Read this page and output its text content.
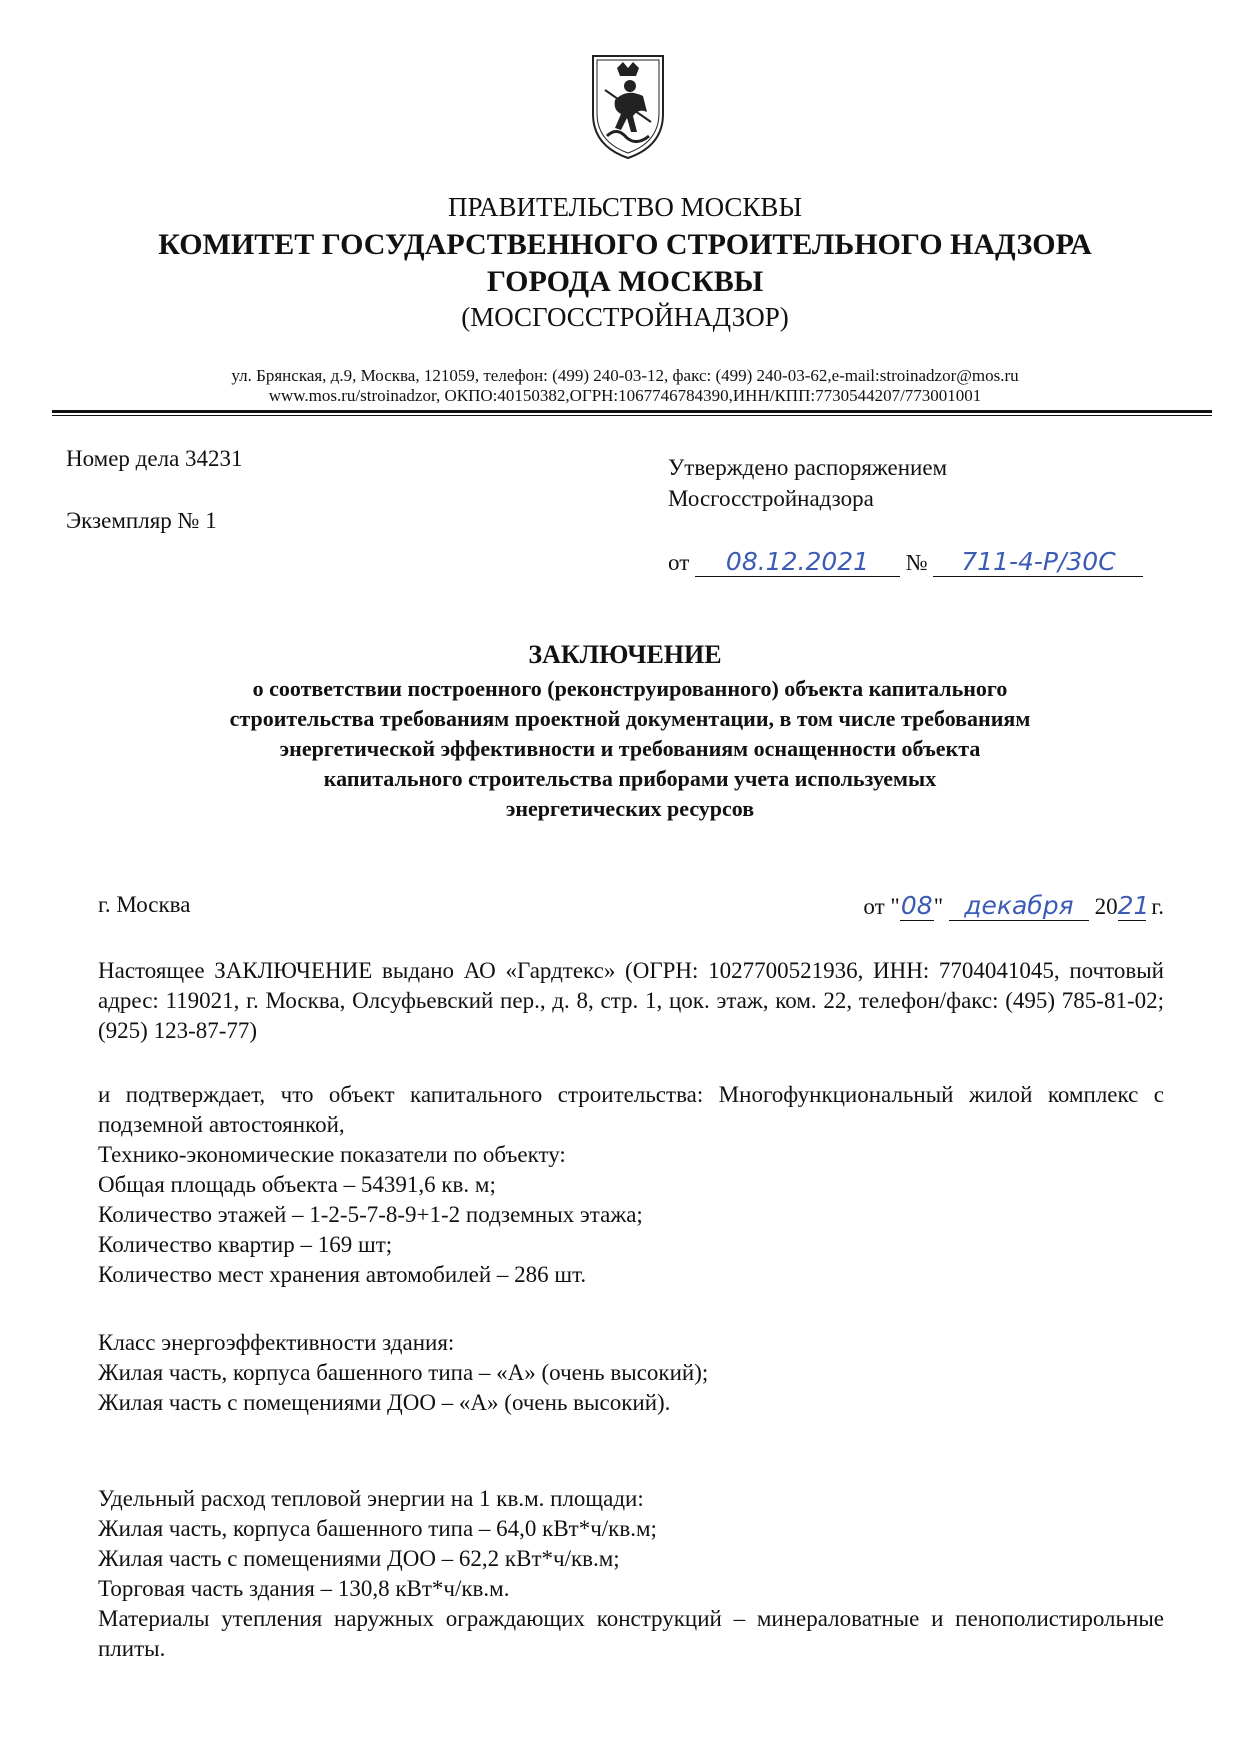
ПРАВИТЕЛЬСТВО МОСКВЫ
КОМИТЕТ ГОСУДАРСТВЕННОГО СТРОИТЕЛЬНОГО НАДЗОРА
ГОРОДА МОСКВЫ
(МОСГОССТРОЙНАДЗОР)
ул. Брянская, д.9, Москва, 121059, телефон: (499) 240-03-12, факс: (499) 240-03-62,e-mail:stroinadzor@mos.ru
www.mos.ru/stroinadzor, ОКПО:40150382,ОГРН:1067746784390,ИНН/КПП:7730544207/773001001
Номер дела 34231
Экземпляр № 1
Утверждено распоряжением
Мосгосстройнадзора
от 08.12.2021 № 711-4-Р/30С
ЗАКЛЮЧЕНИЕ
о соответствии построенного (реконструированного) объекта капитального
строительства требованиям проектной документации, в том числе требованиям
энергетической эффективности и требованиям оснащенности объекта
капитального строительства приборами учета используемых
энергетических ресурсов
г. Москва	от "08" декабря 2021 г.
Настоящее ЗАКЛЮЧЕНИЕ выдано АО «Гардтекс» (ОГРН: 1027700521936, ИНН: 7704041045, почтовый адрес: 119021, г. Москва, Олсуфьевский пер., д. 8, стр. 1, цок. этаж, ком. 22, телефон/факс: (495) 785-81-02; (925) 123-87-77)
и подтверждает, что объект капитального строительства: Многофункциональный жилой комплекс с подземной автостоянкой,
Технико-экономические показатели по объекту:
Общая площадь объекта – 54391,6 кв. м;
Количество этажей – 1-2-5-7-8-9+1-2 подземных этажа;
Количество квартир – 169 шт;
Количество мест хранения автомобилей – 286 шт.
Класс энергоэффективности здания:
Жилая часть, корпуса башенного типа – «А» (очень высокий);
Жилая часть с помещениями ДОО – «А» (очень высокий).
Удельный расход тепловой энергии на 1 кв.м. площади:
Жилая часть, корпуса башенного типа – 64,0 кВт*ч/кв.м;
Жилая часть с помещениями ДОО – 62,2 кВт*ч/кв.м;
Торговая часть здания – 130,8 кВт*ч/кв.м.
Материалы утепления наружных ограждающих конструкций – минераловатные и пенополистирольные плиты.
